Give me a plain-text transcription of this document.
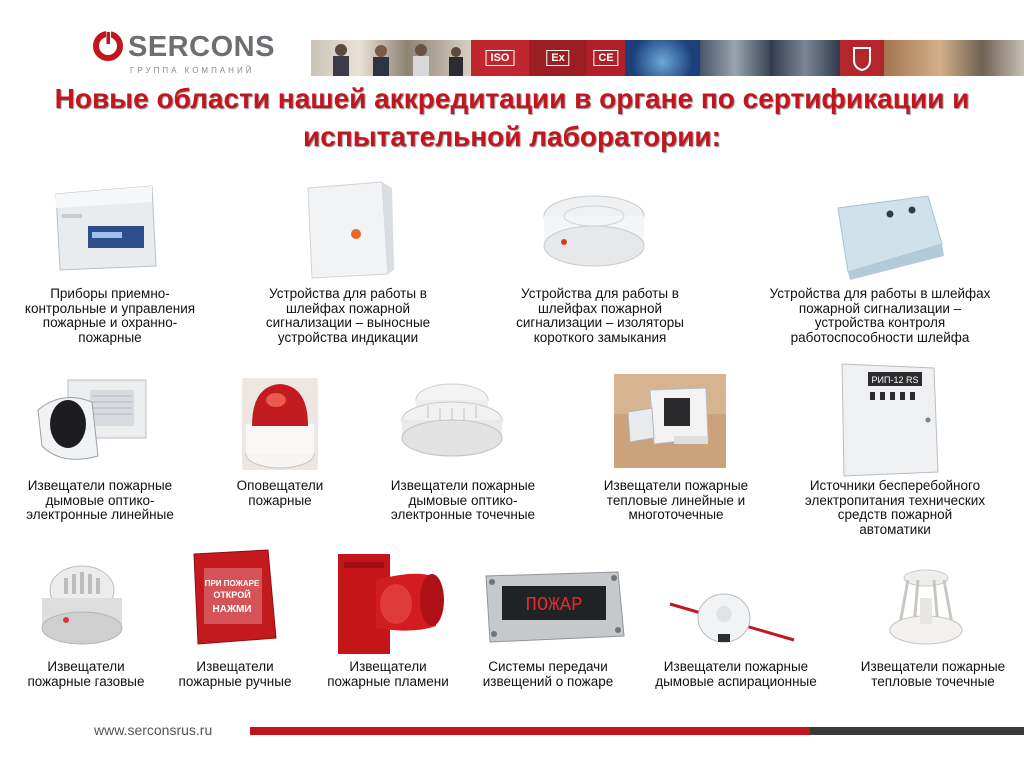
SERCONS
ГРУППА КОМПАНИЙ
ISO	Ex	CE
Новые области нашей аккредитации в органе по сертификации и
испытательной лаборатории:
Приборы приемно-
контрольные и управления
пожарные и охранно-
пожарные
Устройства для работы в
шлейфах пожарной
сигнализации – выносные
устройства индикации
Устройства для работы в
шлейфах пожарной
сигнализации – изоляторы
короткого замыкания
Устройства для работы в шлейфах
пожарной сигнализации –
устройства контроля
работоспособности шлейфа
РИП-12 RS
Извещатели пожарные
дымовые оптико-
электронные линейные
Оповещатели
пожарные
Извещатели пожарные
дымовые оптико-
электронные точечные
Извещатели пожарные
тепловые линейные и
многоточечные
Источники бесперебойного
электропитания технических
средств пожарной
автоматики
ПРИ ПОЖАРЕ
ОТКРОЙ
НАЖМИ	ПОЖАР
Извещатели
пожарные газовые
Извещатели
пожарные ручные
Извещатели
пожарные пламени
Системы передачи
извещений о пожаре
Извещатели пожарные
дымовые аспирационные
Извещатели пожарные
тепловые точечные
www.serconsrus.ru
